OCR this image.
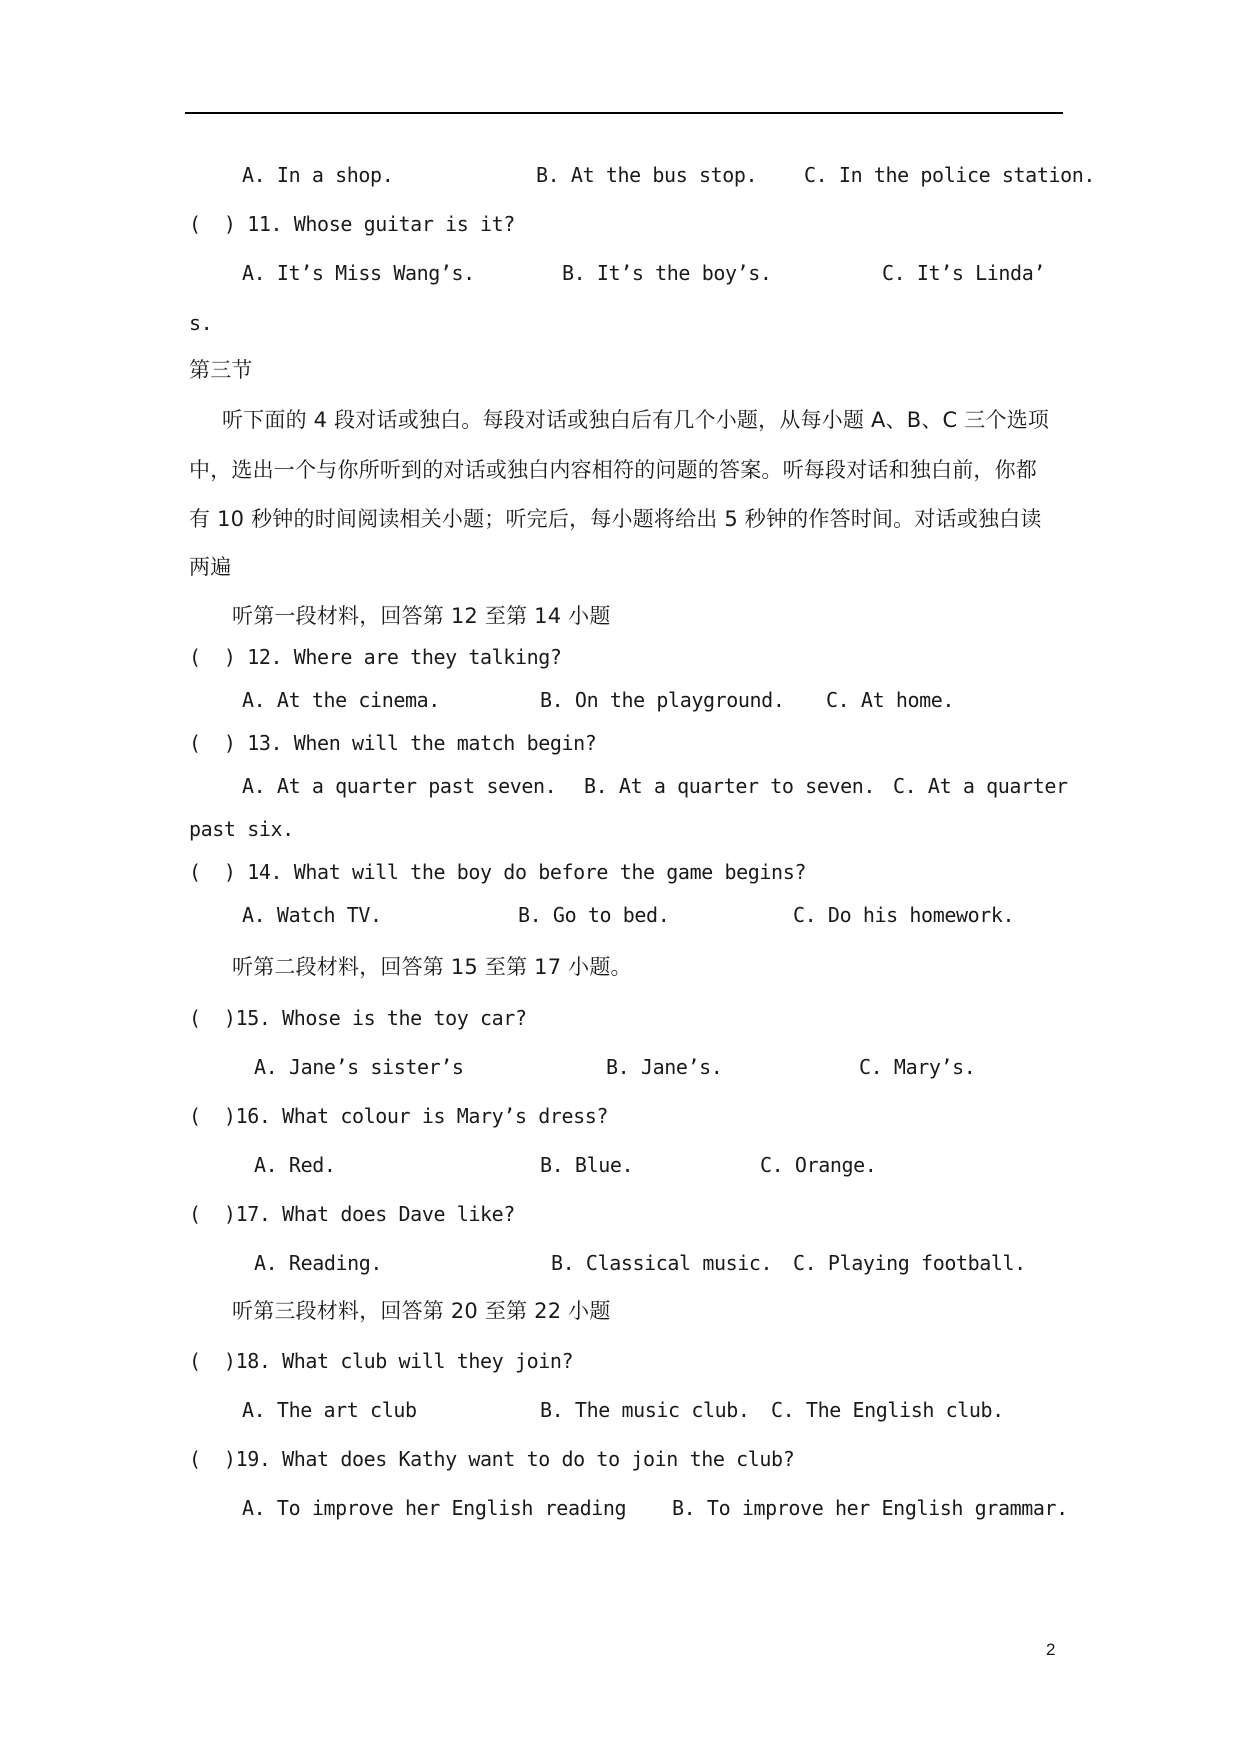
A. In a shop.	B. At the bus stop. C. In the police station.
(  ) 11. Whose guitar is it?
A. It’s Miss Wang’s.	B. It’s the boy’s.	C. It’s Linda’
s.
第三节
听下面的 4 段对话或独白。每段对话或独白后有几个小题，从每小题 A、B、C 三个选项
中，选出一个与你所听到的对话或独白内容相符的问题的答案。听每段对话和独白前，你都
有 10 秒钟的时间阅读相关小题；听完后，每小题将给出 5 秒钟的作答时间。对话或独白读
两遍
听第一段材料，回答第 12 至第 14 小题
(  ) 12. Where are they talking?
A. At the cinema.	B. On the playground. C. At home.
(  ) 13. When will the match begin?
A. At a quarter past seven. B. At a quarter to seven. C. At a quarter
past six.
(  ) 14. What will the boy do before the game begins?
A. Watch TV.	B. Go to bed.	C. Do his homework.
听第二段材料，回答第 15 至第 17 小题。
(  )15. Whose is the toy car?
A. Jane’s sister’s	B. Jane’s.	C. Mary’s.
(  )16. What colour is Mary’s dress?
A. Red.	B. Blue.	C. Orange.
(  )17. What does Dave like?
A. Reading.	B. Classical music. C. Playing football.
听第三段材料，回答第 20 至第 22 小题
(  )18. What club will they join?
A. The art club	B. The music club. C. The English club.
(  )19. What does Kathy want to do to join the club?
A. To improve her English reading B. To improve her English grammar.
2
